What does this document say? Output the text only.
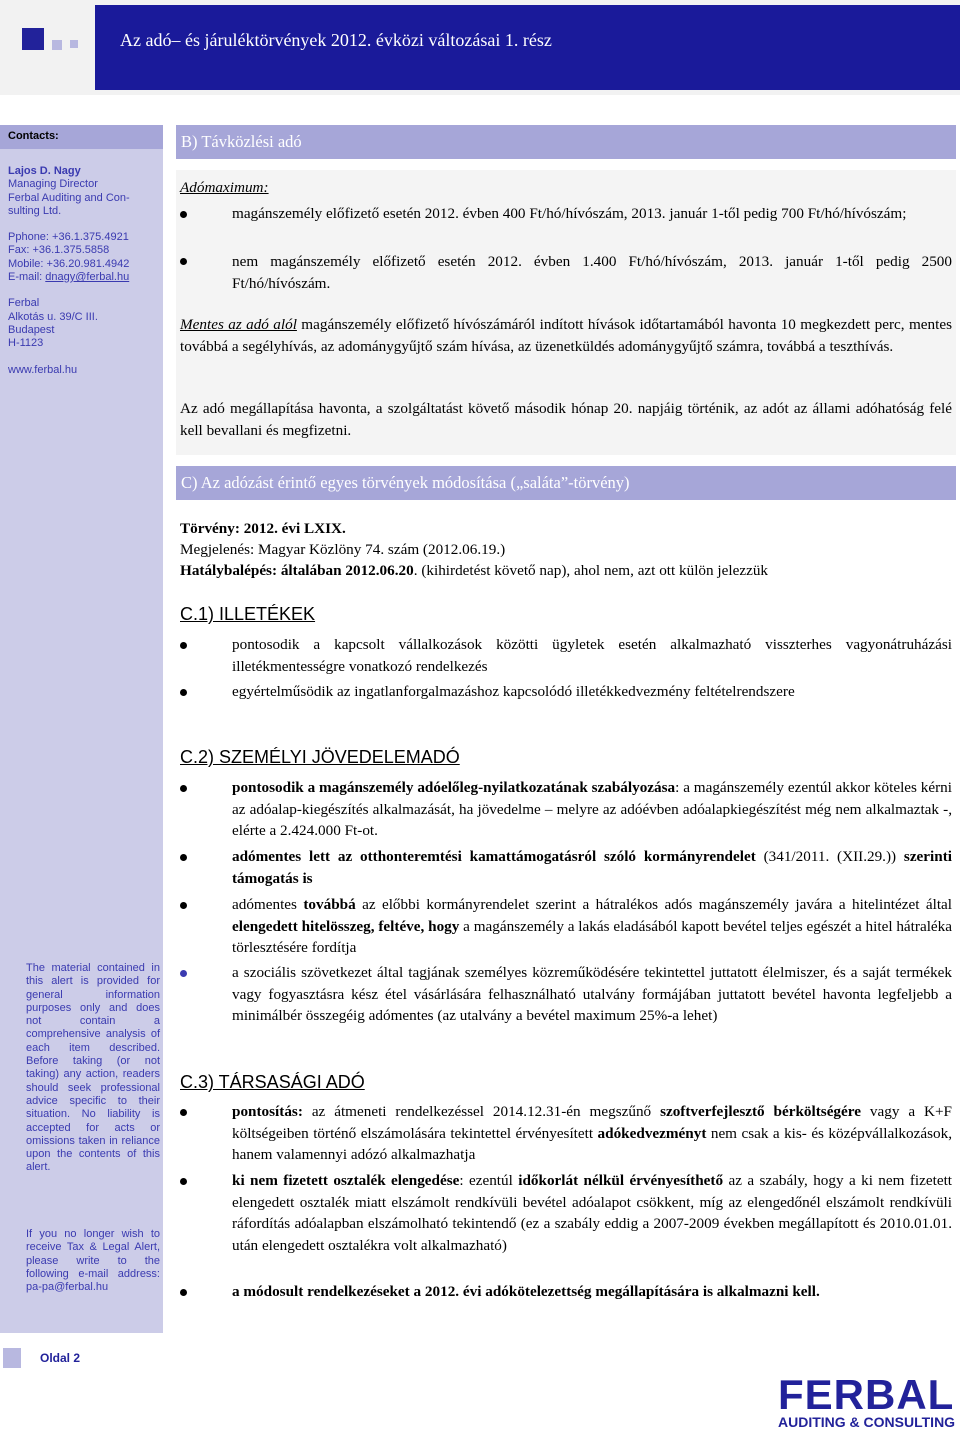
Az adó– és járuléktörvények 2012. évközi változásai 1. rész
Contacts:
Lajos D. Nagy
Managing Director
Ferbal Auditing and Con-
sulting Ltd.
Pphone: +36.1.375.4921
Fax: +36.1.375.5858
Mobile: +36.20.981.4942
E-mail: dnagy@ferbal.hu
Ferbal
Alkotás u. 39/C III.
Budapest
H-1123
www.ferbal.hu
The material contained in this alert is provided for general information purposes only and does not contain a comprehensive analysis of each item described. Before taking (or not taking) any action, readers should seek professional advice specific to their situation. No liability is accepted for acts or omissions taken in reliance upon the contents of this alert.
If you no longer wish to receive Tax & Legal Alert, please write to the following e-mail address: pa-pa@ferbal.hu
B) Távközlési adó
Adómaximum:
magánszemély előfizető esetén 2012. évben 400 Ft/hó/hívószám, 2013. január 1-től pedig 700 Ft/hó/hívószám;
nem magánszemély előfizető esetén 2012. évben 1.400 Ft/hó/hívószám, 2013. január 1-től pedig 2500 Ft/hó/hívószám.
Mentes az adó alól magánszemély előfizető hívószámáról indított hívások időtartamából havonta 10 megkezdett perc, mentes továbbá a segélyhívás, az adománygyűjtő szám hívása, az üzenetküldés adománygyűjtő számra, továbbá a teszthívás.
Az adó megállapítása havonta, a szolgáltatást követő második hónap 20. napjáig történik, az adót az állami adóhatóság felé kell bevallani és megfizetni.
C) Az adózást érintő egyes törvények módosítása („saláta”-törvény)
Törvény: 2012. évi LXIX.
Megjelenés: Magyar Közlöny 74. szám (2012.06.19.)
Hatálybalépés: általában 2012.06.20. (kihirdetést követő nap), ahol nem, azt ott külön jelezzük
C.1) ILLETÉKEK
pontosodik a kapcsolt vállalkozások közötti ügyletek esetén alkalmazható visszterhes vagyonátruházási illetékmentességre vonatkozó rendelkezés
egyértelműsödik az ingatlanforgalmazáshoz kapcsolódó illetékkedvezmény feltételrendszere
C.2) SZEMÉLYI JÖVEDELEMADÓ
pontosodik a magánszemély adóelőleg-nyilatkozatának szabályozása: a magánszemély ezentúl akkor köteles kérni az adóalap-kiegészítés alkalmazását, ha jövedelme – melyre az adóévben adóalapkiegészítést még nem alkalmaztak -, elérte a 2.424.000 Ft-ot.
adómentes lett az otthonteremtési kamattámogatásról szóló kormányrendelet (341/2011. (XII.29.)) szerinti támogatás is
adómentes továbbá az előbbi kormányrendelet szerint a hátralékos adós magánszemély javára a hitelintézet által elengedett hitelösszeg, feltéve, hogy a magánszemély a lakás eladásából kapott bevétel teljes egészét a hitel hátraléka törlesztésére fordítja
a szociális szövetkezet által tagjának személyes közreműködésére tekintettel juttatott élelmiszer, és a saját termékek vagy fogyasztásra kész étel vásárlására felhasználható utalvány formájában juttatott bevétel havonta legfeljebb a minimálbér összegéig adómentes (az utalvány a bevétel maximum 25%-a lehet)
C.3) TÁRSASÁGI ADÓ
pontosítás: az átmeneti rendelkezéssel 2014.12.31-én megszűnő szoftverfejlesztő bérköltségére vagy a K+F költségeiben történő elszámolására tekintettel érvényesített adókedvezményt nem csak a kis- és középvállalkozások, hanem valamennyi adózó alkalmazhatja
ki nem fizetett osztalék elengedése: ezentúl időkorlát nélkül érvényesíthető az a szabály, hogy a ki nem fizetett elengedett osztalék miatt elszámolt rendkívüli bevétel adóalapot csökkent, míg az elengedőnél elszámolt rendkívüli ráfordítás adóalapban elszámolható tekintendő (ez a szabály eddig a 2007-2009 években megállapított és 2010.01.01. után elengedett osztalékra volt alkalmazható)
a módosult rendelkezéseket a 2012. évi adókötelezettség megállapítására is alkalmazni kell.
Oldal 2
FERBAL
AUDITING & CONSULTING
